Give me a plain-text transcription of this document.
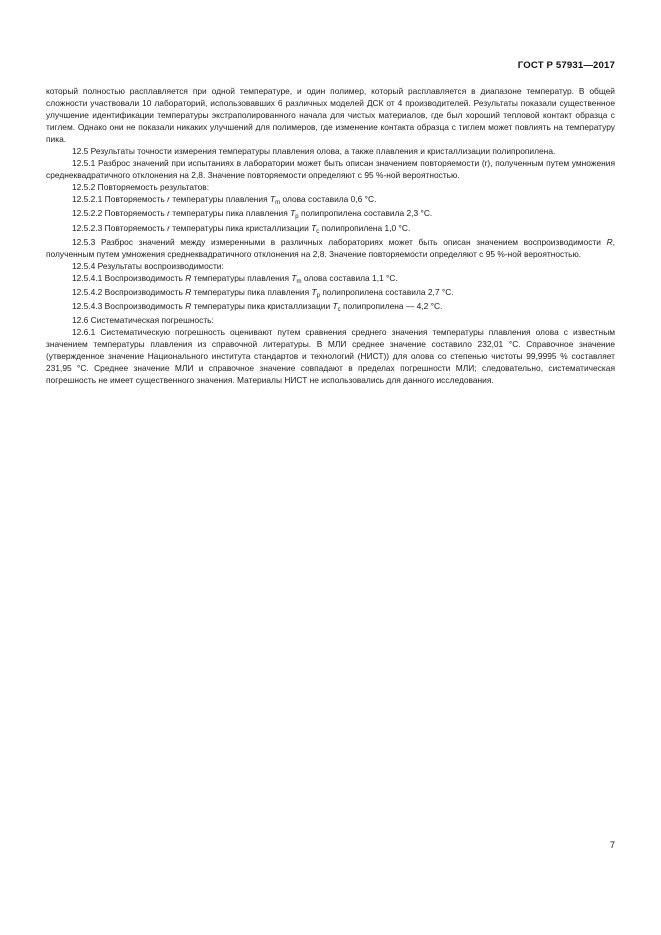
ГОСТ Р 57931—2017

который полностью расплавляется при одной температуре, и один полимер, который расплавляется в диапазоне температур. В общей сложности участвовали 10 лабораторий, использовавших 6 различных моделей ДСК от 4 производителей. Результаты показали существенное улучшение идентификации температуры экстраполированного начала для чистых материалов, где был хороший тепловой контакт образца с тиглем. Однако они не показали никаких улучшений для полимеров, где изменение контакта образца с тиглем может повлиять на температуру пика.

12.5 Результаты точности измерения температуры плавления олова, а также плавления и кристаллизации полипропилена.

12.5.1 Разброс значений при испытаниях в лаборатории может быть описан значением повторяемости (r), полученным путем умножения среднеквадратичного отклонения на 2,8. Значение повторяемости определяют с 95 %-ной вероятностью.

12.5.2 Повторяемость результатов:

12.5.2.1 Повторяемость r температуры плавления $T_m$ олова составила 0,6 °С.

12.5.2.2 Повторяемость r температуры пика плавления $T_p$ полипропилена составила 2,3 °С.

12.5.2.3 Повторяемость r температуры пика кристаллизации $T_c$ полипропилена 1,0 °С.

12.5.3 Разброс значений между измеренными в различных лабораториях может быть описан значением воспроизводимости R, полученным путем умножения среднеквадратичного отклонения на 2,8. Значение повторяемости определяют с 95 %-ной вероятностью.

12.5.4 Результаты воспроизводимости:

12.5.4.1 Воспроизводимость R температуры плавления $T_m$ олова составила 1,1 °С.

12.5.4.2 Воспроизводимость R температуры пика плавления $T_p$ полипропилена составила 2,7 °С.

12.5.4.3 Воспроизводимость R температуры пика кристаллизации $T_c$ полипропилена — 4,2 °С.

12.6 Систематическая погрешность:

12.6.1 Систематическую погрешность оценивают путем сравнения среднего значения температуры плавления олова с известным значением температуры плавления из справочной литературы. В МЛИ среднее значение составило 232,01 °С. Справочное значение (утвержденное значение Национального института стандартов и технологий (НИСТ)) для олова со степенью чистоты 99,9995 % составляет 231,95 °С. Среднее значение МЛИ и справочное значение совпадают в пределах погрешности МЛИ; следовательно, систематическая погрешность не имеет существенного значения. Материалы НИСТ не использовались для данного исследования.

7
